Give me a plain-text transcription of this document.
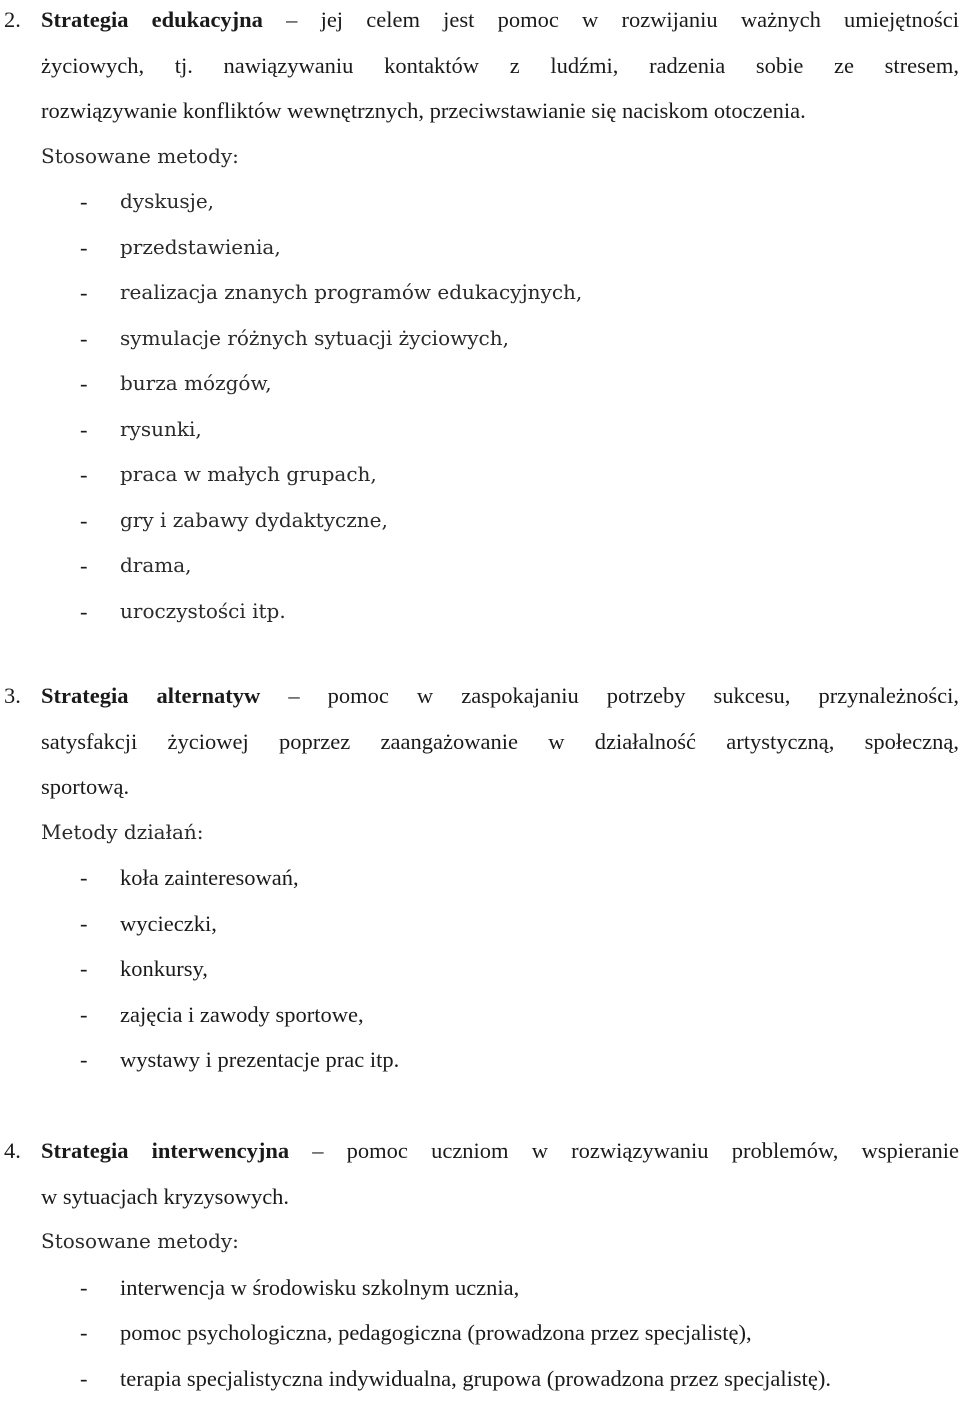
2. Strategia edukacyjna – jej celem jest pomoc w rozwijaniu ważnych umiejętności
życiowych, tj. nawiązywaniu kontaktów z ludźmi, radzenia sobie ze stresem,
rozwiązywanie konfliktów wewnętrznych, przeciwstawianie się naciskom otoczenia.
Stosowane metody:
- dyskusje,
- przedstawienia,
- realizacja znanych programów edukacyjnych,
- symulacje różnych sytuacji życiowych,
- burza mózgów,
- rysunki,
- praca w małych grupach,
- gry i zabawy dydaktyczne,
- drama,
- uroczystości itp.
3. Strategia alternatyw – pomoc w zaspokajaniu potrzeby sukcesu, przynależności,
satysfakcji życiowej poprzez zaangażowanie w działalność artystyczną, społeczną,
sportową.
Metody działań:
- koła zainteresowań,
- wycieczki,
- konkursy,
- zajęcia i zawody sportowe,
- wystawy i prezentacje prac itp.
4. Strategia interwencyjna – pomoc uczniom w rozwiązywaniu problemów, wspieranie
w sytuacjach kryzysowych.
Stosowane metody:
- interwencja w środowisku szkolnym ucznia,
- pomoc psychologiczna, pedagogiczna (prowadzona przez specjalistę),
- terapia specjalistyczna indywidualna, grupowa (prowadzona przez specjalistę).
